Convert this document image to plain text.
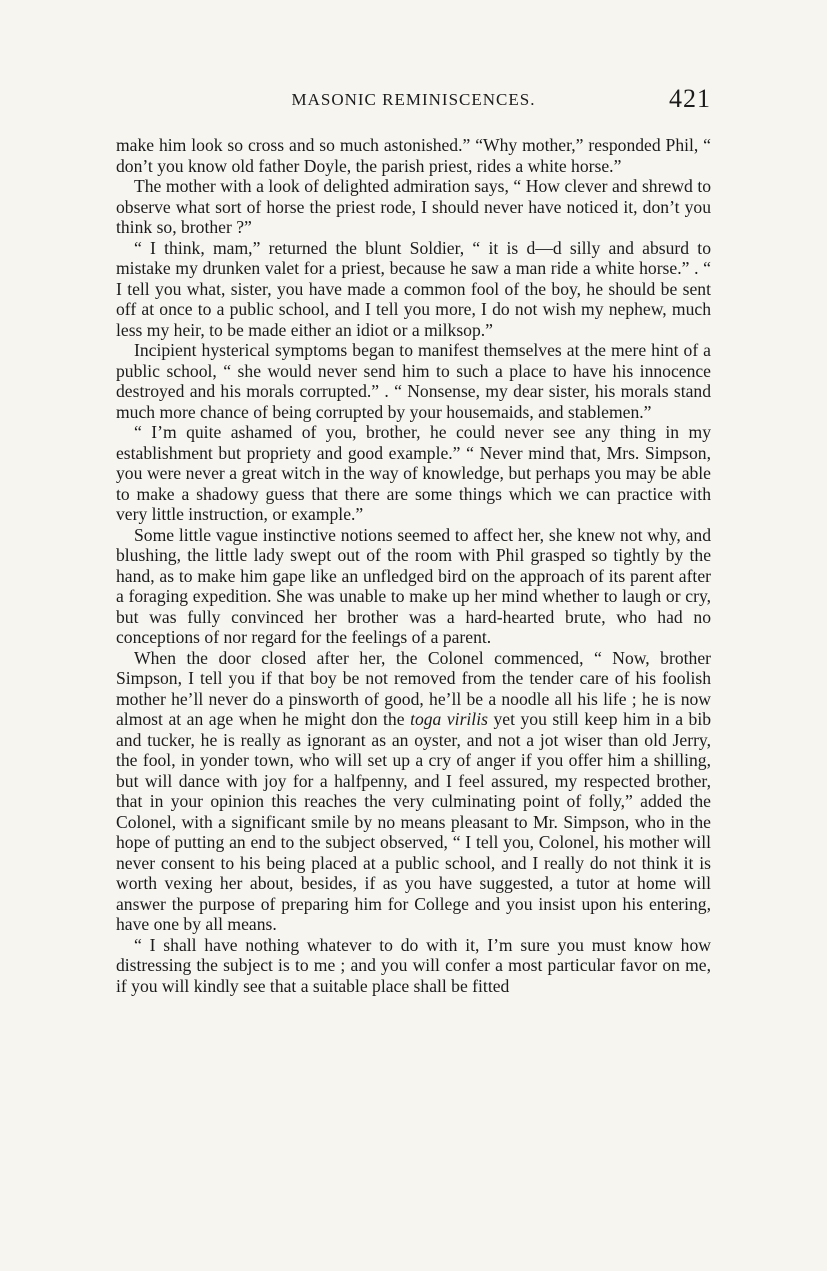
MASONIC REMINISCENCES.	421

make him look so cross and so much astonished.” “Why mother,” responded Phil, “ don’t you know old father Doyle, the parish priest, rides a white horse.”

The mother with a look of delighted admiration says, “ How clever and shrewd to observe what sort of horse the priest rode, I should never have noticed it, don’t you think so, brother ?”

“ I think, mam,” returned the blunt Soldier, “ it is d—d silly and absurd to mistake my drunken valet for a priest, because he saw a man ride a white horse.” . “ I tell you what, sister, you have made a common fool of the boy, he should be sent off at once to a public school, and I tell you more, I do not wish my nephew, much less my heir, to be made either an idiot or a milksop.”

Incipient hysterical symptoms began to manifest themselves at the mere hint of a public school, “ she would never send him to such a place to have his innocence destroyed and his morals corrupted.” . “ Nonsense, my dear sister, his morals stand much more chance of being corrupted by your housemaids, and stablemen.”

“ I’m quite ashamed of you, brother, he could never see any thing in my establishment but propriety and good example.” “ Never mind that, Mrs. Simpson, you were never a great witch in the way of knowledge, but perhaps you may be able to make a shadowy guess that there are some things which we can practice with very little instruction, or example.”

Some little vague instinctive notions seemed to affect her, she knew not why, and blushing, the little lady swept out of the room with Phil grasped so tightly by the hand, as to make him gape like an unfledged bird on the approach of its parent after a foraging expedition. She was unable to make up her mind whether to laugh or cry, but was fully convinced her brother was a hard-hearted brute, who had no conceptions of nor regard for the feelings of a parent.

When the door closed after her, the Colonel commenced, “ Now, brother Simpson, I tell you if that boy be not removed from the tender care of his foolish mother he’ll never do a pinsworth of good, he’ll be a noodle all his life ; he is now almost at an age when he might don the toga virilis yet you still keep him in a bib and tucker, he is really as ignorant as an oyster, and not a jot wiser than old Jerry, the fool, in yonder town, who will set up a cry of anger if you offer him a shilling, but will dance with joy for a halfpenny, and I feel assured, my respected brother, that in your opinion this reaches the very culminating point of folly,” added the Colonel, with a significant smile by no means pleasant to Mr. Simpson, who in the hope of putting an end to the subject observed, “ I tell you, Colonel, his mother will never consent to his being placed at a public school, and I really do not think it is worth vexing her about, besides, if as you have suggested, a tutor at home will answer the purpose of preparing him for College and you insist upon his entering, have one by all means.

“ I shall have nothing whatever to do with it, I’m sure you must know how distressing the subject is to me ; and you will confer a most particular favor on me, if you will kindly see that a suitable place shall be fitted
